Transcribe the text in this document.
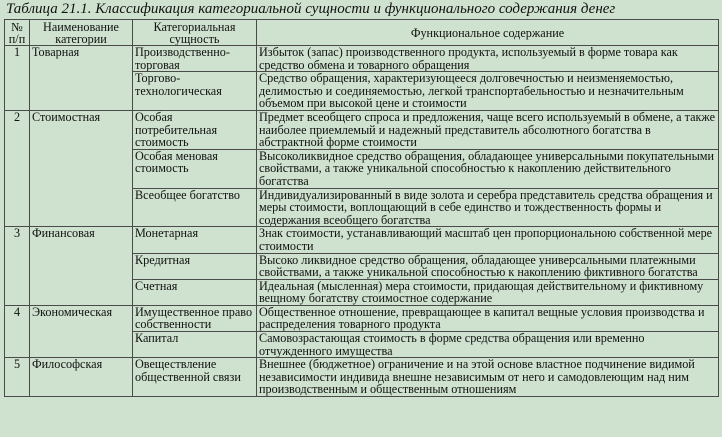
Таблица 21.1. Классификация категориальной сущности и функционального содержания денег
№ п/п	Наименование категории	Категориальная сущность	Функциональное содержание
1	Товарная	Производственно-торговая	Избыток (запас) производственного продукта, используемый в форме товара как средство обмена и товарного обращения
		Торгово-технологическая	Средство обращения, характеризующееся долговечностью и неизменяемостью, делимостью и соединяемостью, легкой транспортабельностью и незначительным объемом при высокой цене и стоимости
2	Стоимостная	Особая потребительная стоимость	Предмет всеобщего спроса и предложения, чаще всего используемый в обмене, а также наиболее приемлемый и надежный представитель абсолютного богатства в абстрактной форме стоимости
		Особая меновая стоимость	Высоколиквидное средство обращения, обладающее универсальными покупательными свойствами, а также уникальной способностью к накоплению действительного богатства
		Всеобщее богатство	Индивидуализированный в виде золота и серебра представитель средства обращения и меры стоимости, воплощающий в себе единство и тождественность формы и содержания всеобщего богатства
3	Финансовая	Монетарная	Знак стоимости, устанавливающий масштаб цен пропорциональною собственной мере стоимости
		Кредитная	Высоко ликвидное средство обращения, обладающее универсальными платежными свойствами, а также уникальной способностью к накоплению фиктивного богатства
		Счетная	Идеальная (мысленная) мера стоимости, придающая действительному и фиктивному вещному богатству стоимостное содержание
4	Экономическая	Имущественное право собственности	Общественное отношение, превращающее в капитал вещные условия производства и распределения товарного продукта
		Капитал	Самовозрастающая стоимость в форме средства обращения или временно отчужденного имущества
5	Философская	Овеществление общественной связи	Внешнее (бюджетное) ограничение и на этой основе властное подчинение видимой независимости индивида внешне независимым от него и самодовлеющим над ним производственным и общественным отношениям
